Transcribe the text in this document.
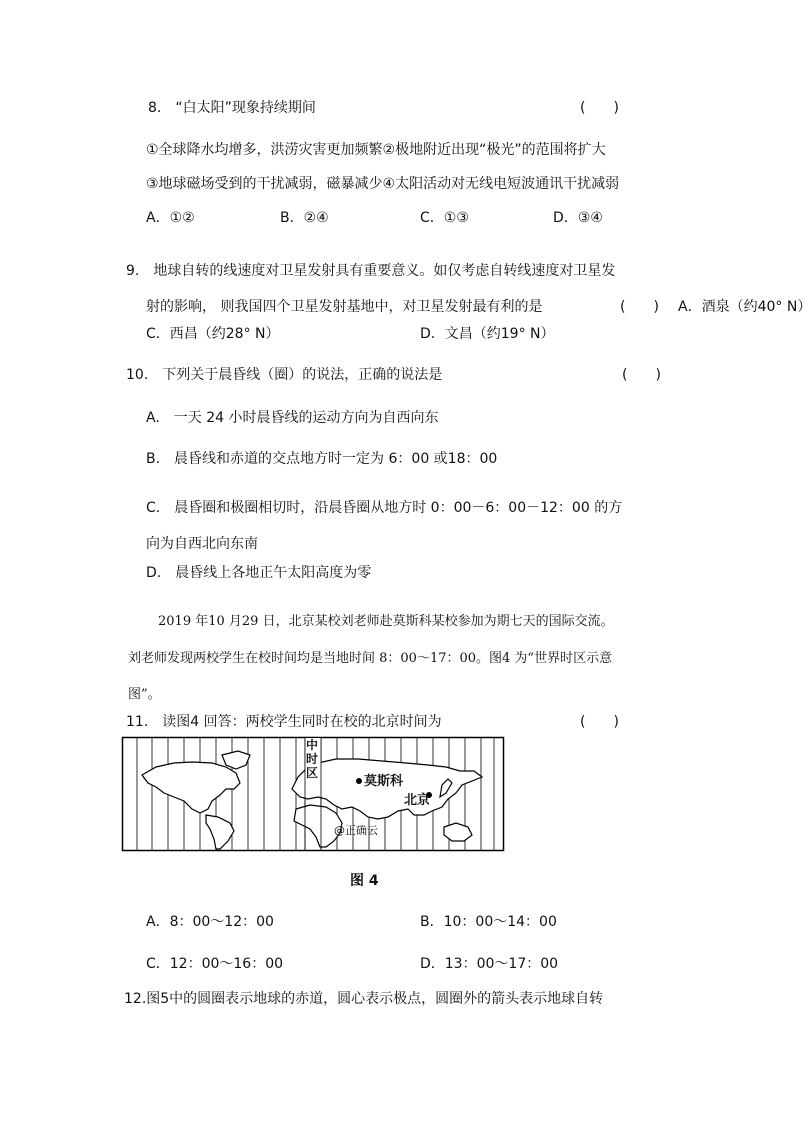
8.　“白太阳”现象持续期间	(　　)
①全球降水均增多，洪涝灾害更加频繁②极地附近出现“极光”的范围将扩大
③地球磁场受到的干扰减弱，磁暴减少④太阳活动对无线电短波通讯干扰减弱
A．①②	B．②④	C．①③	D．③④
9.　地球自转的线速度对卫星发射具有重要意义。如仅考虑自转线速度对卫星发
射的影响， 则我国四个卫星发射基地中，对卫星发射最有利的是	(　　) A．酒泉（约40° N）
C．西昌（约28° N）	D．文昌（约19° N）
10.　下列关于晨昏线（圈）的说法，正确的说法是	(　　)
A.　一天 24 小时晨昏线的运动方向为自西向东
B.　晨昏线和赤道的交点地方时一定为 6：00 或18：00
C.　晨昏圈和极圈相切时，沿晨昏圈从地方时 0：00－6：00－12：00 的方
向为自西北向东南
D.　晨昏线上各地正午太阳高度为零
2019 年10 月29 日，北京某校刘老师赴莫斯科某校参加为期七天的国际交流。
刘老师发现两校学生在校时间均是当地时间 8：00～17：00。图4 为“世界时区示意
图”。
11.　读图4 回答：两校学生同时在校的北京时间为	(　　)
中时区
莫斯科
北京
@正确云
图 4
A．8：00～12：00	B．10：00～14：00
C．12：00～16：00	D．13：00～17：00
12.图5中的圆圈表示地球的赤道，圆心表示极点，圆圈外的箭头表示地球自转
